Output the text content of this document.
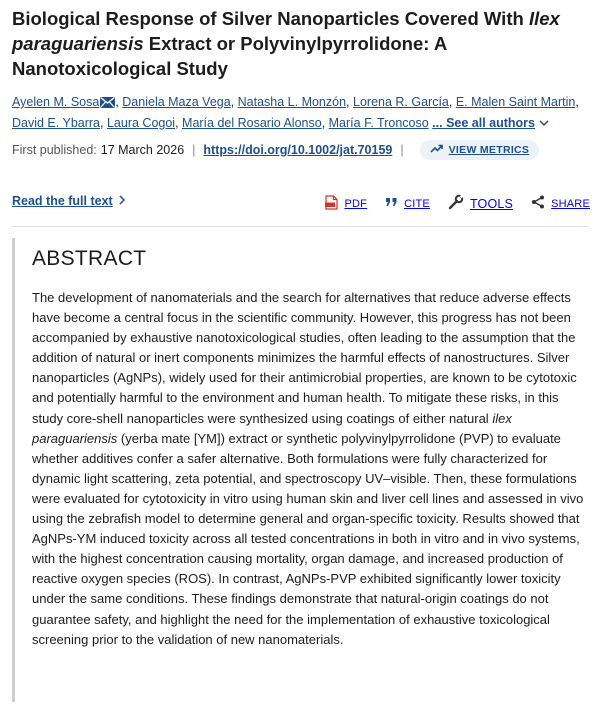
Biological Response of Silver Nanoparticles Covered With Ilex paraguariensis Extract or Polyvinylpyrrolidone: A Nanotoxicological Study
Ayelen M. Sosa , Daniela Maza Vega, Natasha L. Monzón, Lorena R. García, E. Malen Saint Martin, David E. Ybarra, Laura Cogoi, María del Rosario Alonso, María F. Troncoso ... See all authors
First published: 17 March 2026 | https://doi.org/10.1002/jat.70159 |	VIEW METRICS
Read the full text	PDF	CITE	TOOLS	SHARE
ABSTRACT

The development of nanomaterials and the search for alternatives that reduce adverse effects have become a central focus in the scientific community. However, this progress has not been accompanied by exhaustive nanotoxicological studies, often leading to the assumption that the addition of natural or inert components minimizes the harmful effects of nanostructures. Silver nanoparticles (AgNPs), widely used for their antimicrobial properties, are known to be cytotoxic and potentially harmful to the environment and human health. To mitigate these risks, in this study core-shell nanoparticles were synthesized using coatings of either natural ilex paraguariensis (yerba mate [YM]) extract or synthetic polyvinylpyrrolidone (PVP) to evaluate whether additives confer a safer alternative. Both formulations were fully characterized for dynamic light scattering, zeta potential, and spectroscopy UV–visible. Then, these formulations were evaluated for cytotoxicity in vitro using human skin and liver cell lines and assessed in vivo using the zebrafish model to determine general and organ-specific toxicity. Results showed that AgNPs-YM induced toxicity across all tested concentrations in both in vitro and in vivo systems, with the highest concentration causing mortality, organ damage, and increased production of reactive oxygen species (ROS). In contrast, AgNPs-PVP exhibited significantly lower toxicity under the same conditions. These findings demonstrate that natural-origin coatings do not guarantee safety, and highlight the need for the implementation of exhaustive toxicological screening prior to the validation of new nanomaterials.
